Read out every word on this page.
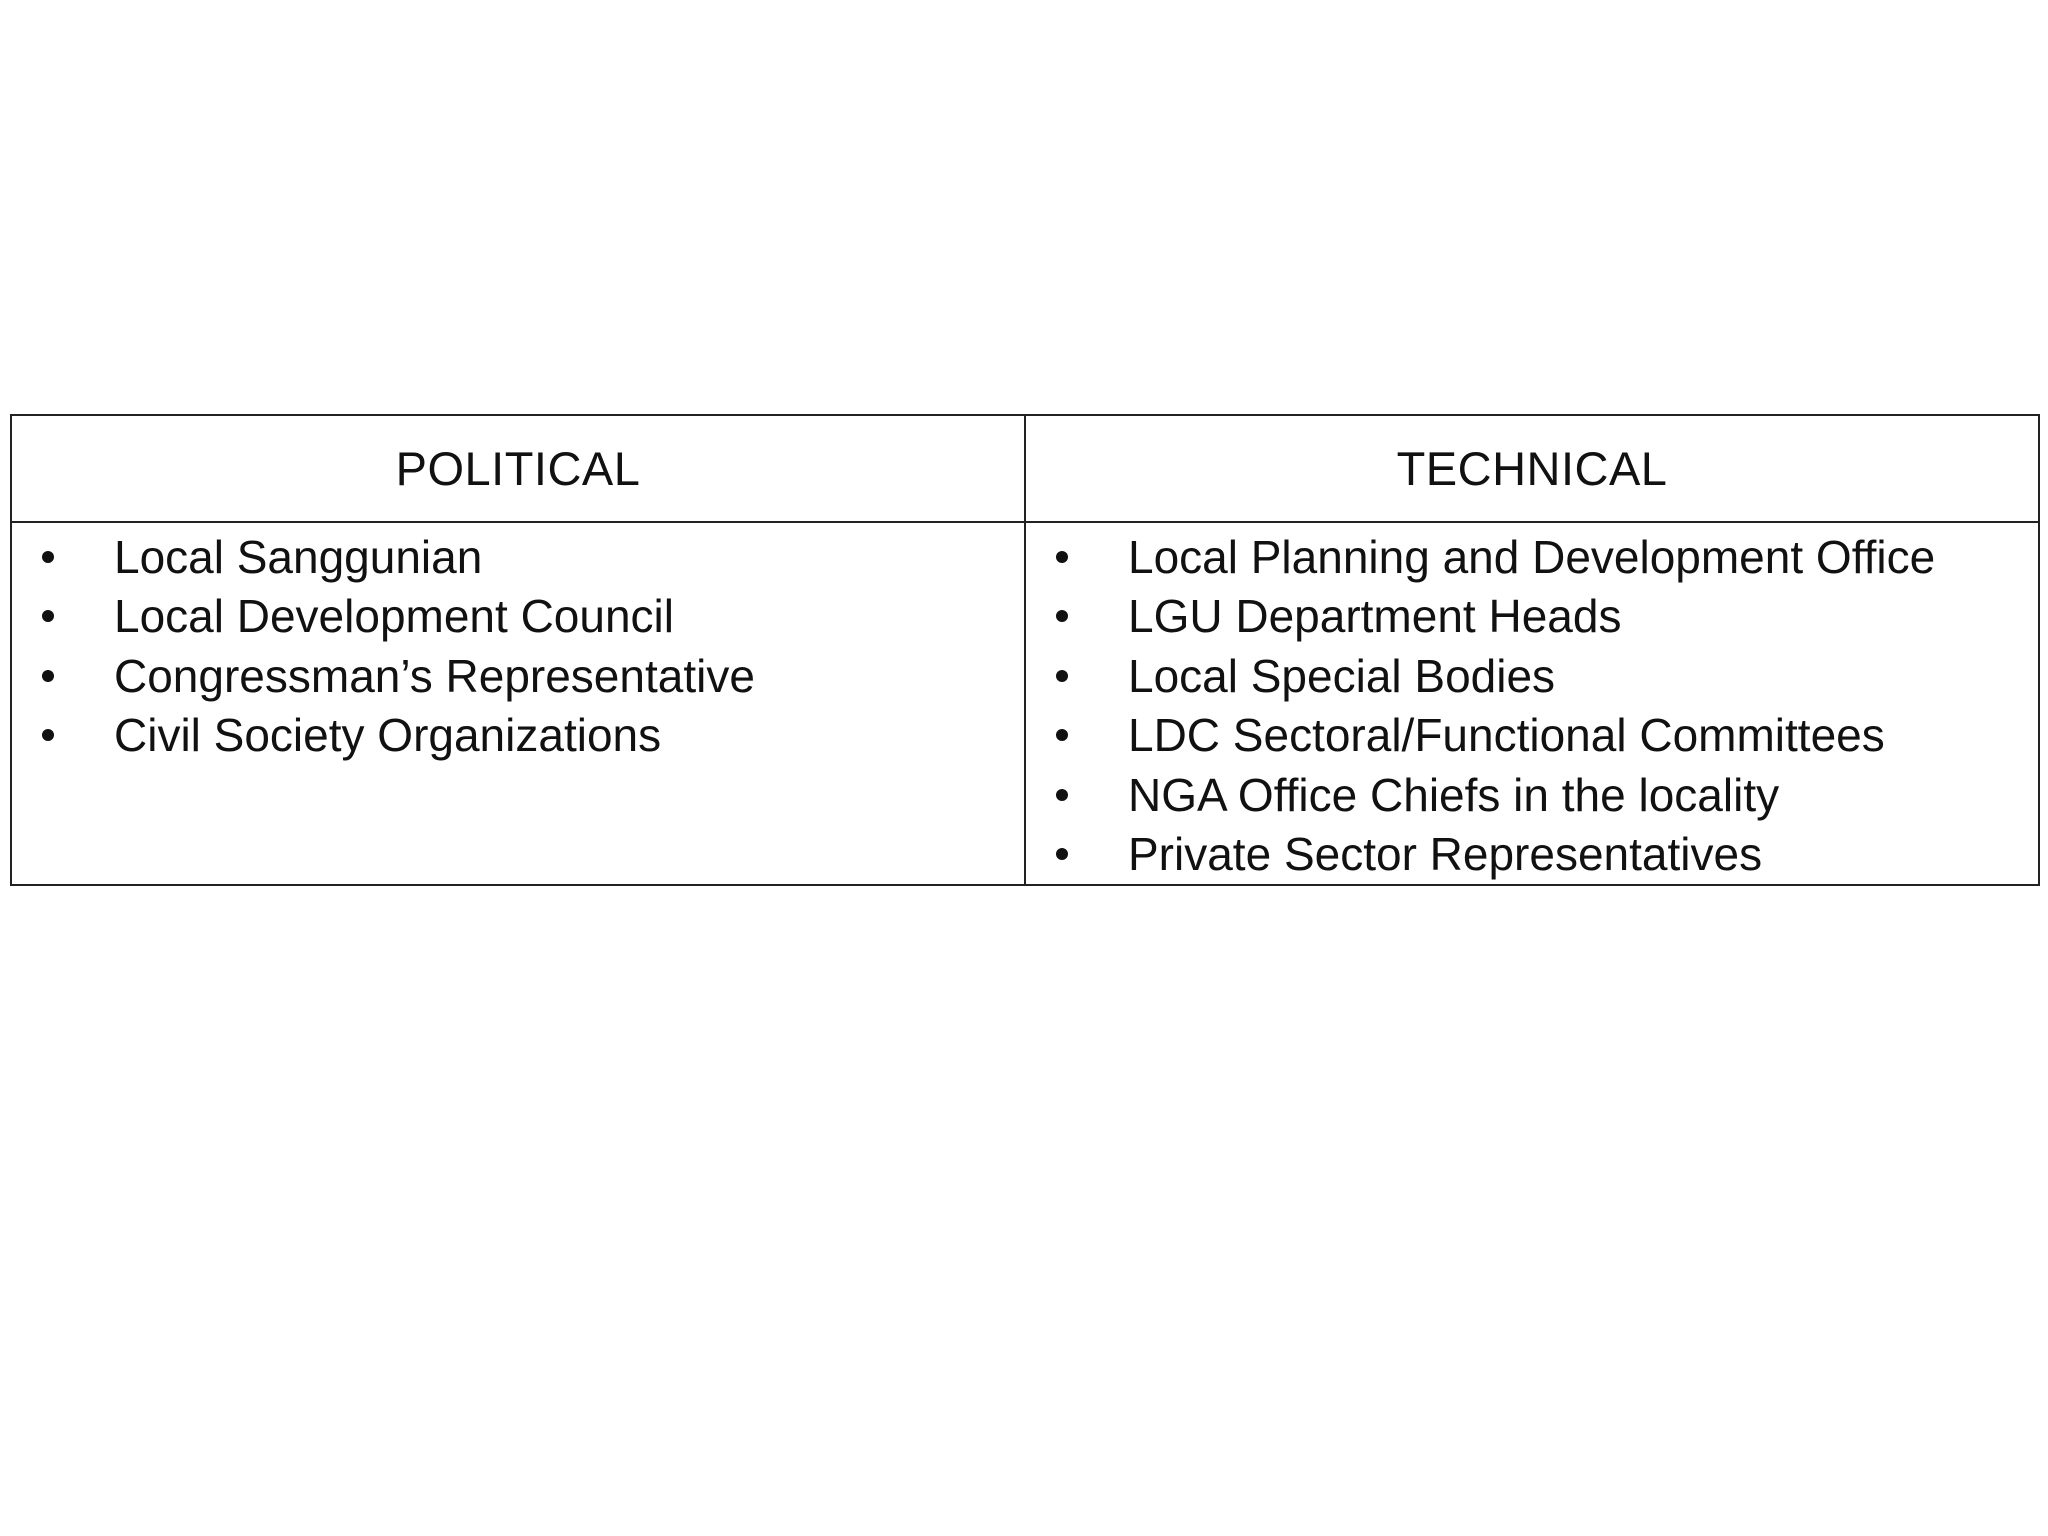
POLITICAL	TECHNICAL
Local Sanggunian
Local Development Council
Congressman’s Representative
Civil Society Organizations
Local Planning and Development Office
LGU Department Heads
Local Special Bodies
LDC Sectoral/Functional Committees
NGA Office Chiefs in the locality
Private Sector Representatives
